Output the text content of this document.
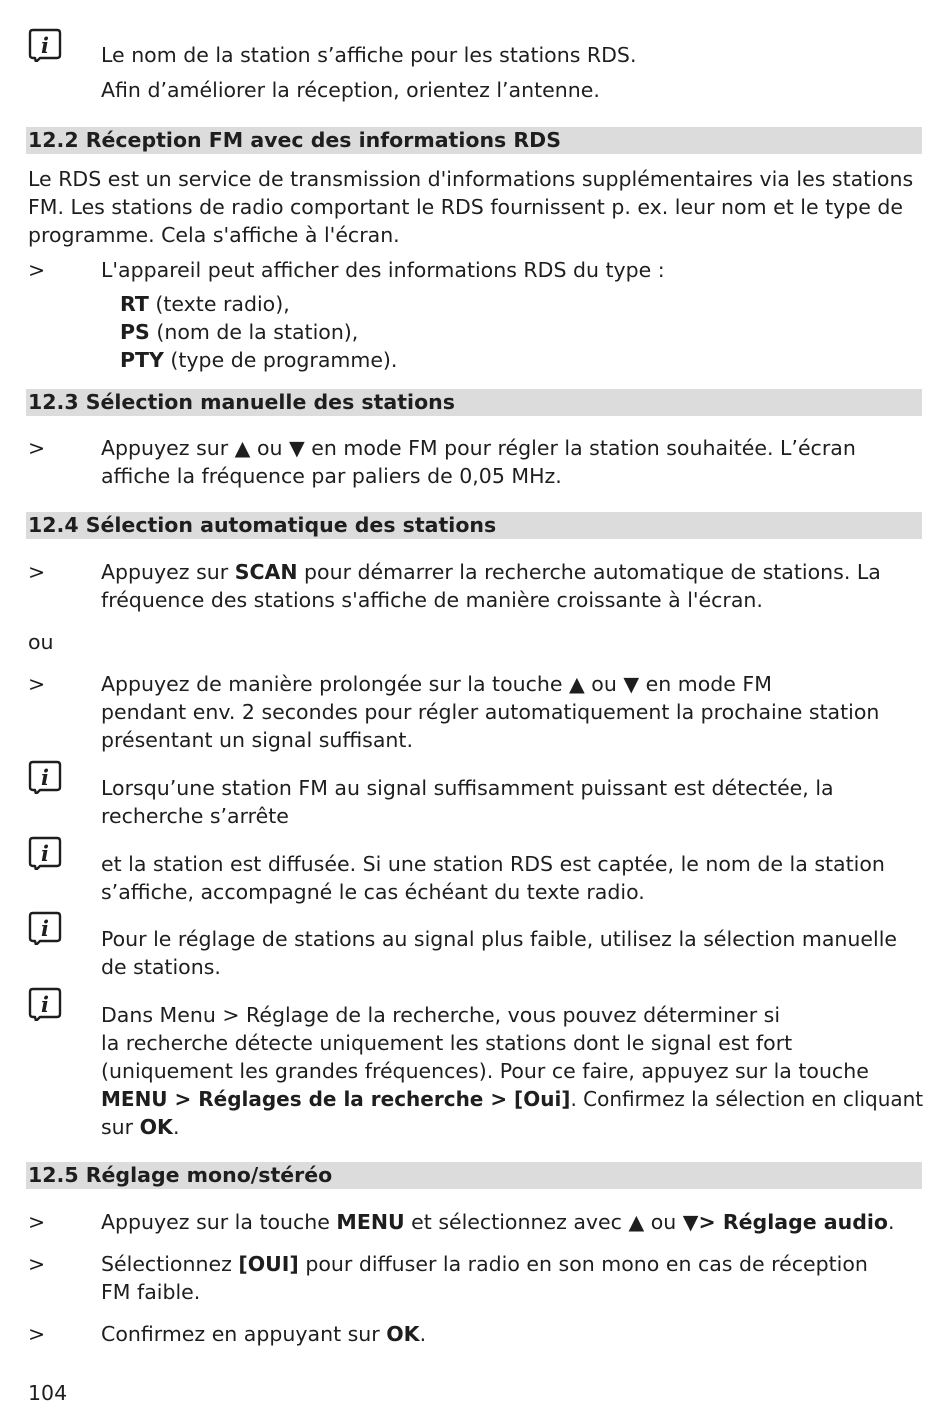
i	Le nom de la station s’affiche pour les stations RDS.

Afin d’améliorer la réception, orientez l’antenne.

12.2 Réception FM avec des informations RDS

Le RDS est un service de transmission d'informations supplémentaires via les stations FM. Les stations de radio comportant le RDS fournissent p. ex. leur nom et le type de programme. Cela s'affiche à l'écran.

>	L'appareil peut afficher des informations RDS du type :

RT (texte radio),

PS (nom de la station),

PTY (type de programme).

12.3 Sélection manuelle des stations
>	Appuyez sur ▲ ou ▼ en mode FM pour régler la station souhaitée. L’écran

affiche la fréquence par paliers de 0,05 MHz.

12.4 Sélection automatique des stations
>	Appuyez sur SCAN pour démarrer la recherche automatique de stations. La

fréquence des stations s'affiche de manière croissante à l'écran.

ou

>	Appuyez de manière prolongée sur la touche ▲ ou ▼ en mode FM

pendant env. 2 secondes pour régler automatiquement la prochaine station

présentant un signal suffisant.

i	Lorsqu’une station FM au signal suffisamment puissant est détectée, la

recherche s’arrête

i	et la station est diffusée. Si une station RDS est captée, le nom de la station

s’affiche, accompagné le cas échéant du texte radio.

i	Pour le réglage de stations au signal plus faible, utilisez la sélection manuelle

de stations.

i	Dans Menu > Réglage de la recherche, vous pouvez déterminer si

la recherche détecte uniquement les stations dont le signal est fort

(uniquement les grandes fréquences). Pour ce faire, appuyez sur la touche

MENU > Réglages de la recherche > [Oui]. Confirmez la sélection en cliquant

sur OK.

12.5 Réglage mono/stéréo
>	Appuyez sur la touche MENU et sélectionnez avec ▲ ou ▼> Réglage audio.

>	Sélectionnez [OUI] pour diffuser la radio en son mono en cas de réception

FM faible.

>	Confirmez en appuyant sur OK.

104
